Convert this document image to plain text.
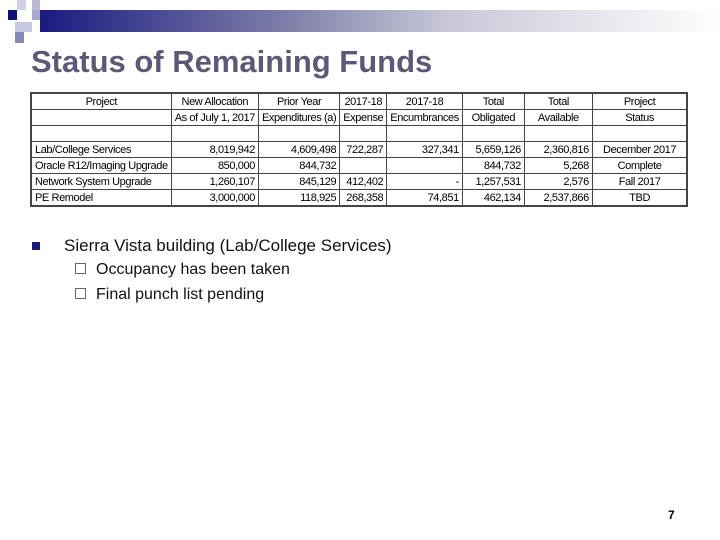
Status of Remaining Funds
Project	New Allocation	Prior Year	2017-18	2017-18	Total	Total	Project
	As of July 1, 2017	Expenditures (a)	Expense	Encumbrances	Obligated	Available	Status

Lab/College Services	8,019,942	4,609,498	722,287	327,341	5,659,126	2,360,816	December 2017
Oracle R12/Imaging Upgrade	850,000	844,732			844,732	5,268	Complete
Network System Upgrade	1,260,107	845,129	412,402	-	1,257,531	2,576	Fall 2017
PE Remodel	3,000,000	118,925	268,358	74,851	462,134	2,537,866	TBD
Sierra Vista building (Lab/College Services)
Occupancy has been taken
Final punch list pending
7
